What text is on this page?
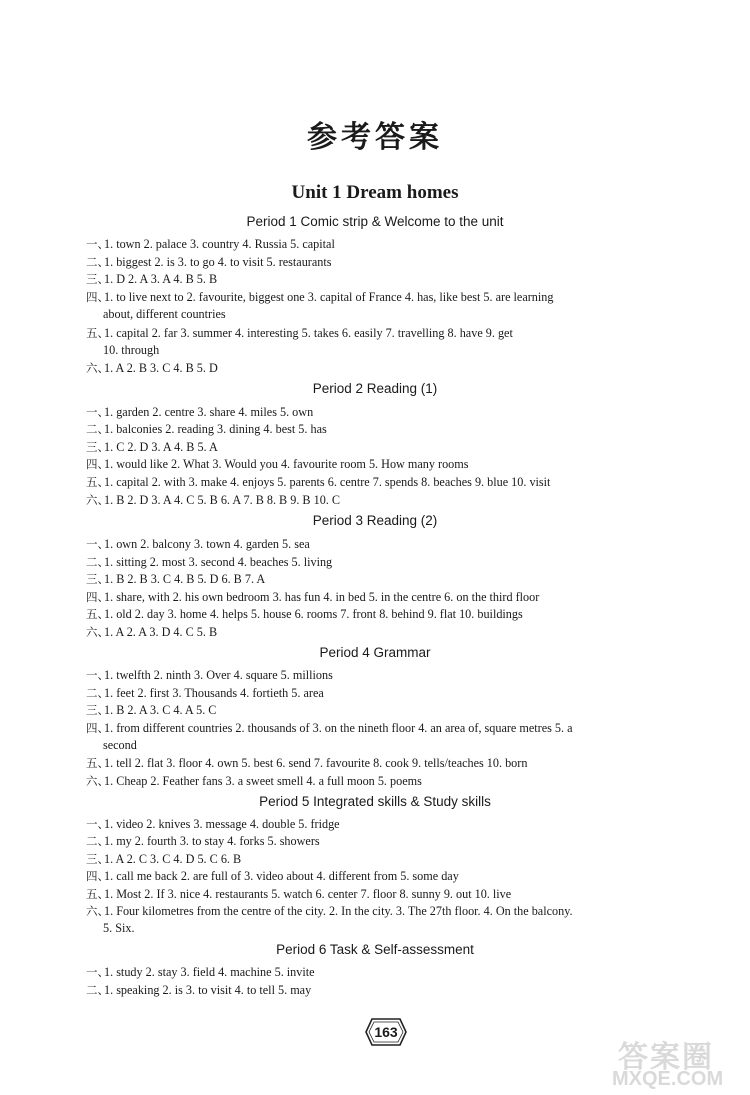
参考答案
Unit 1 Dream homes
Period 1 Comic strip & Welcome to the unit
一、1. town 2. palace 3. country 4. Russia 5. capital
二、1. biggest 2. is 3. to go 4. to visit 5. restaurants
三、1. D 2. A 3. A 4. B 5. B
四、1. to live next to 2. favourite, biggest one 3. capital of France 4. has, like best 5. are learning
about, different countries
五、1. capital 2. far 3. summer 4. interesting 5. takes 6. easily 7. travelling 8. have 9. get
10. through
六、1. A 2. B 3. C 4. B 5. D
Period 2 Reading (1)
一、1. garden 2. centre 3. share 4. miles 5. own
二、1. balconies 2. reading 3. dining 4. best 5. has
三、1. C 2. D 3. A 4. B 5. A
四、1. would like 2. What 3. Would you 4. favourite room 5. How many rooms
五、1. capital 2. with 3. make 4. enjoys 5. parents 6. centre 7. spends 8. beaches 9. blue 10. visit
六、1. B 2. D 3. A 4. C 5. B 6. A 7. B 8. B 9. B 10. C
Period 3 Reading (2)
一、1. own 2. balcony 3. town 4. garden 5. sea
二、1. sitting 2. most 3. second 4. beaches 5. living
三、1. B 2. B 3. C 4. B 5. D 6. B 7. A
四、1. share, with 2. his own bedroom 3. has fun 4. in bed 5. in the centre 6. on the third floor
五、1. old 2. day 3. home 4. helps 5. house 6. rooms 7. front 8. behind 9. flat 10. buildings
六、1. A 2. A 3. D 4. C 5. B
Period 4 Grammar
一、1. twelfth 2. ninth 3. Over 4. square 5. millions
二、1. feet 2. first 3. Thousands 4. fortieth 5. area
三、1. B 2. A 3. C 4. A 5. C
四、1. from different countries 2. thousands of 3. on the nineth floor 4. an area of, square metres 5. a
second
五、1. tell 2. flat 3. floor 4. own 5. best 6. send 7. favourite 8. cook 9. tells/teaches 10. born
六、1. Cheap 2. Feather fans 3. a sweet smell 4. a full moon 5. poems
Period 5 Integrated skills & Study skills
一、1. video 2. knives 3. message 4. double 5. fridge
二、1. my 2. fourth 3. to stay 4. forks 5. showers
三、1. A 2. C 3. C 4. D 5. C 6. B
四、1. call me back 2. are full of 3. video about 4. different from 5. some day
五、1. Most 2. If 3. nice 4. restaurants 5. watch 6. center 7. floor 8. sunny 9. out 10. live
六、1. Four kilometres from the centre of the city. 2. In the city. 3. The 27th floor. 4. On the balcony.
5. Six.
Period 6 Task & Self-assessment
一、1. study 2. stay 3. field 4. machine 5. invite
二、1. speaking 2. is 3. to visit 4. to tell 5. may
163
答案圈
MXQE.COM
